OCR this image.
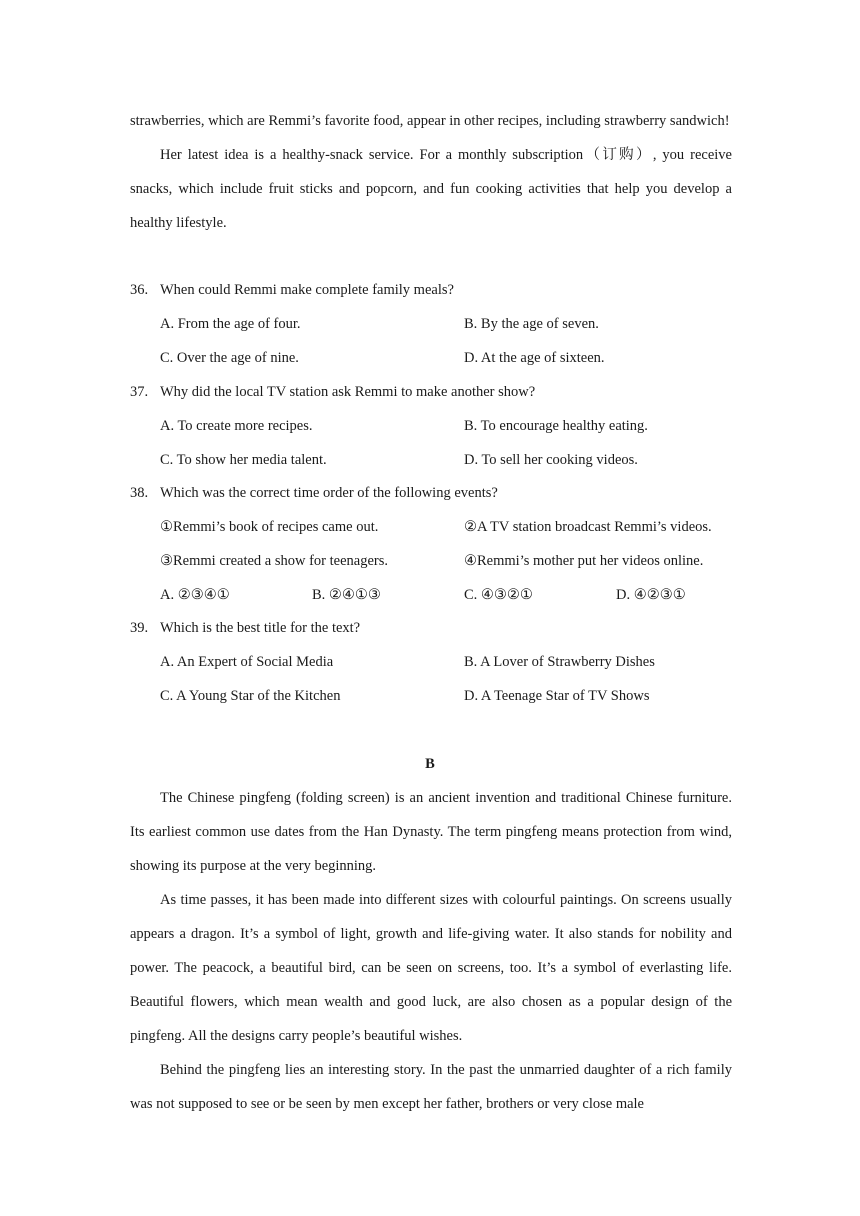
strawberries, which are Remmi’s favorite food, appear in other recipes, including strawberry sandwich!

Her latest idea is a healthy-snack service. For a monthly subscription（订购）, you receive snacks, which include fruit sticks and popcorn, and fun cooking activities that help you develop a healthy lifestyle.

36. When could Remmi make complete family meals?
A. From the age of four.	B. By the age of seven.
C. Over the age of nine.	D. At the age of sixteen.
37. Why did the local TV station ask Remmi to make another show?
A. To create more recipes.	B. To encourage healthy eating.
C. To show her media talent.	D. To sell her cooking videos.
38. Which was the correct time order of the following events?
①Remmi’s book of recipes came out.	②A TV station broadcast Remmi’s videos.
③Remmi created a show for teenagers.	④Remmi’s mother put her videos online.
A. ②③④①	B. ②④①③	C. ④③②①	D. ④②③①
39. Which is the best title for the text?
A. An Expert of Social Media	B. A Lover of Strawberry Dishes
C. A Young Star of the Kitchen	D. A Teenage Star of TV Shows
B

The Chinese pingfeng (folding screen) is an ancient invention and traditional Chinese furniture. Its earliest common use dates from the Han Dynasty. The term pingfeng means protection from wind, showing its purpose at the very beginning.

As time passes, it has been made into different sizes with colourful paintings. On screens usually appears a dragon. It’s a symbol of light, growth and life-giving water. It also stands for nobility and power. The peacock, a beautiful bird, can be seen on screens, too. It’s a symbol of everlasting life. Beautiful flowers, which mean wealth and good luck, are also chosen as a popular design of the pingfeng. All the designs carry people’s beautiful wishes.

Behind the pingfeng lies an interesting story. In the past the unmarried daughter of a rich family was not supposed to see or be seen by men except her father, brothers or very close male
